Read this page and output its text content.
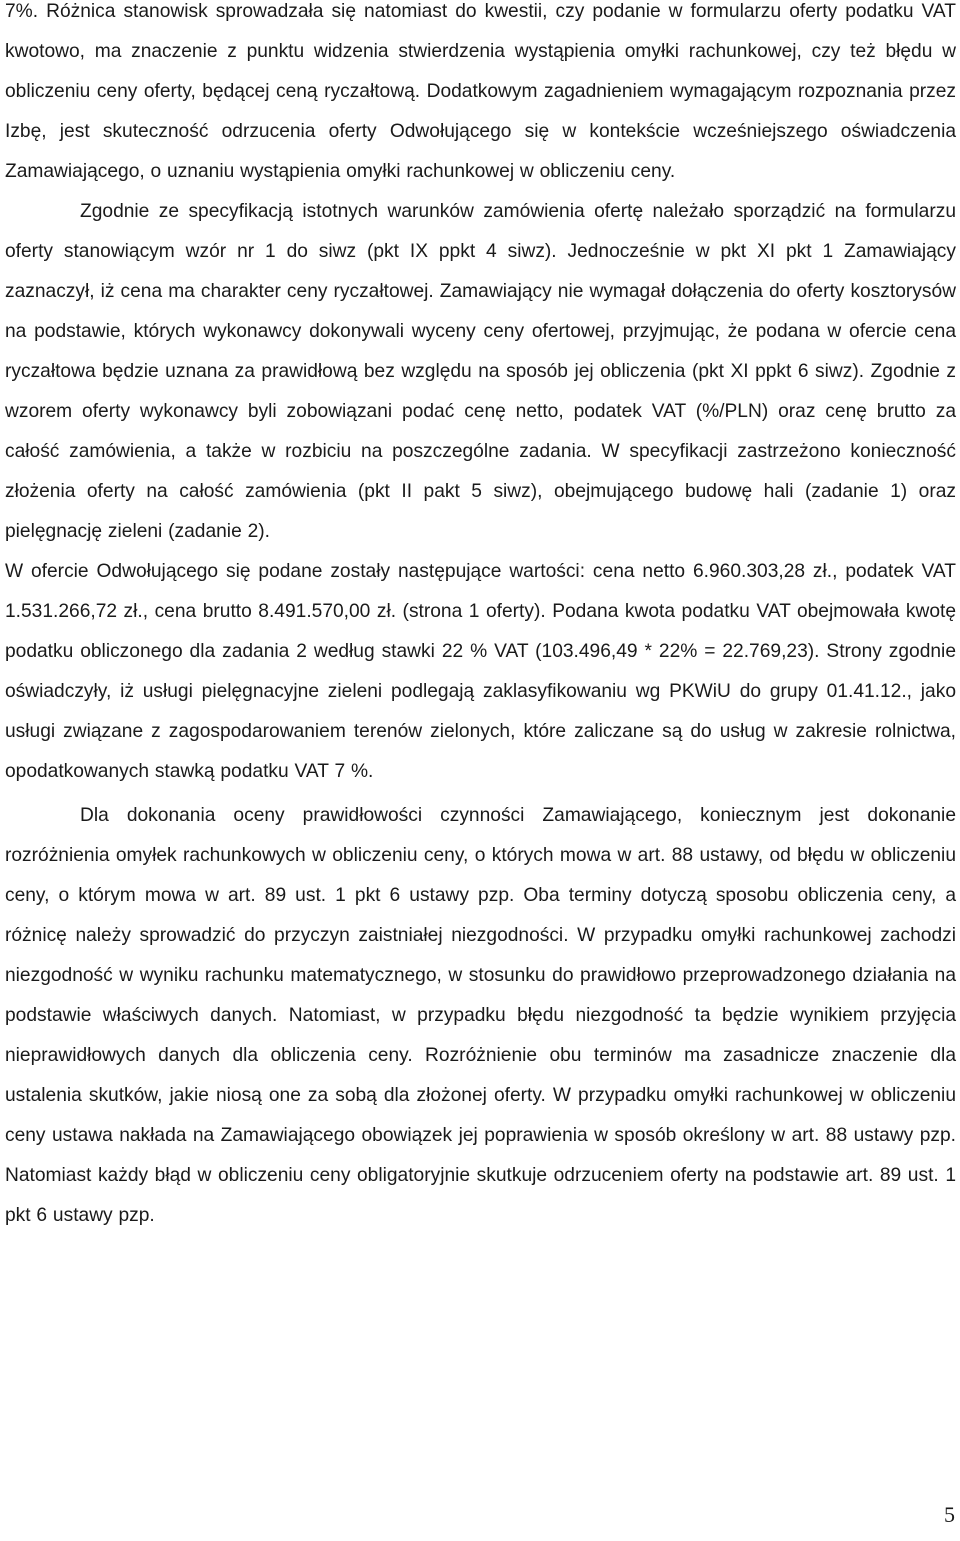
7%. Różnica stanowisk sprowadzała się natomiast do kwestii, czy podanie w formularzu oferty podatku VAT kwotowo, ma znaczenie z punktu widzenia stwierdzenia wystąpienia omyłki rachunkowej, czy też błędu w obliczeniu ceny oferty, będącej ceną ryczałtową. Dodatkowym zagadnieniem wymagającym rozpoznania przez Izbę, jest skuteczność odrzucenia oferty Odwołującego się w kontekście wcześniejszego oświadczenia Zamawiającego, o uznaniu wystąpienia omyłki rachunkowej w obliczeniu ceny.

Zgodnie ze specyfikacją istotnych warunków zamówienia ofertę należało sporządzić na formularzu oferty stanowiącym wzór nr 1 do siwz (pkt IX ppkt 4 siwz). Jednocześnie w pkt XI pkt 1 Zamawiający zaznaczył, iż cena ma charakter ceny ryczałtowej. Zamawiający nie wymagał dołączenia do oferty kosztorysów na podstawie, których wykonawcy dokonywali wyceny ceny ofertowej, przyjmując, że podana w ofercie cena ryczałtowa będzie uznana za prawidłową bez względu na sposób jej obliczenia (pkt XI ppkt 6 siwz). Zgodnie z wzorem oferty wykonawcy byli zobowiązani podać cenę netto, podatek VAT (%/PLN) oraz cenę brutto za całość zamówienia, a także w rozbiciu na poszczególne zadania. W specyfikacji zastrzeżono konieczność złożenia oferty na całość zamówienia (pkt II pakt 5 siwz), obejmującego budowę hali (zadanie 1) oraz pielęgnację zieleni (zadanie 2).

W ofercie Odwołującego się podane zostały następujące wartości: cena netto 6.960.303,28 zł., podatek VAT 1.531.266,72 zł., cena brutto 8.491.570,00 zł. (strona 1 oferty). Podana kwota podatku VAT obejmowała kwotę podatku obliczonego dla zadania 2 według stawki 22 % VAT (103.496,49 * 22% = 22.769,23). Strony zgodnie oświadczyły, iż usługi pielęgnacyjne zieleni podlegają zaklasyfikowaniu wg PKWiU do grupy 01.41.12., jako usługi związane z zagospodarowaniem terenów zielonych, które zaliczane są do usług w zakresie rolnictwa, opodatkowanych stawką podatku VAT 7 %.

Dla dokonania oceny prawidłowości czynności Zamawiającego, koniecznym jest dokonanie rozróżnienia omyłek rachunkowych w obliczeniu ceny, o których mowa w art. 88 ustawy, od błędu w obliczeniu ceny, o którym mowa w art. 89 ust. 1 pkt 6 ustawy pzp. Oba terminy dotyczą sposobu obliczenia ceny, a różnicę należy sprowadzić do przyczyn zaistniałej niezgodności. W przypadku omyłki rachunkowej zachodzi niezgodność w wyniku rachunku matematycznego, w stosunku do prawidłowo przeprowadzonego działania na podstawie właściwych danych. Natomiast, w przypadku błędu niezgodność ta będzie wynikiem przyjęcia nieprawidłowych danych dla obliczenia ceny. Rozróżnienie obu terminów ma zasadnicze znaczenie dla ustalenia skutków, jakie niosą one za sobą dla złożonej oferty. W przypadku omyłki rachunkowej w obliczeniu ceny ustawa nakłada na Zamawiającego obowiązek jej poprawienia w sposób określony w art. 88 ustawy pzp. Natomiast każdy błąd w obliczeniu ceny obligatoryjnie skutkuje odrzuceniem oferty na podstawie art. 89 ust. 1 pkt 6 ustawy pzp.

5
